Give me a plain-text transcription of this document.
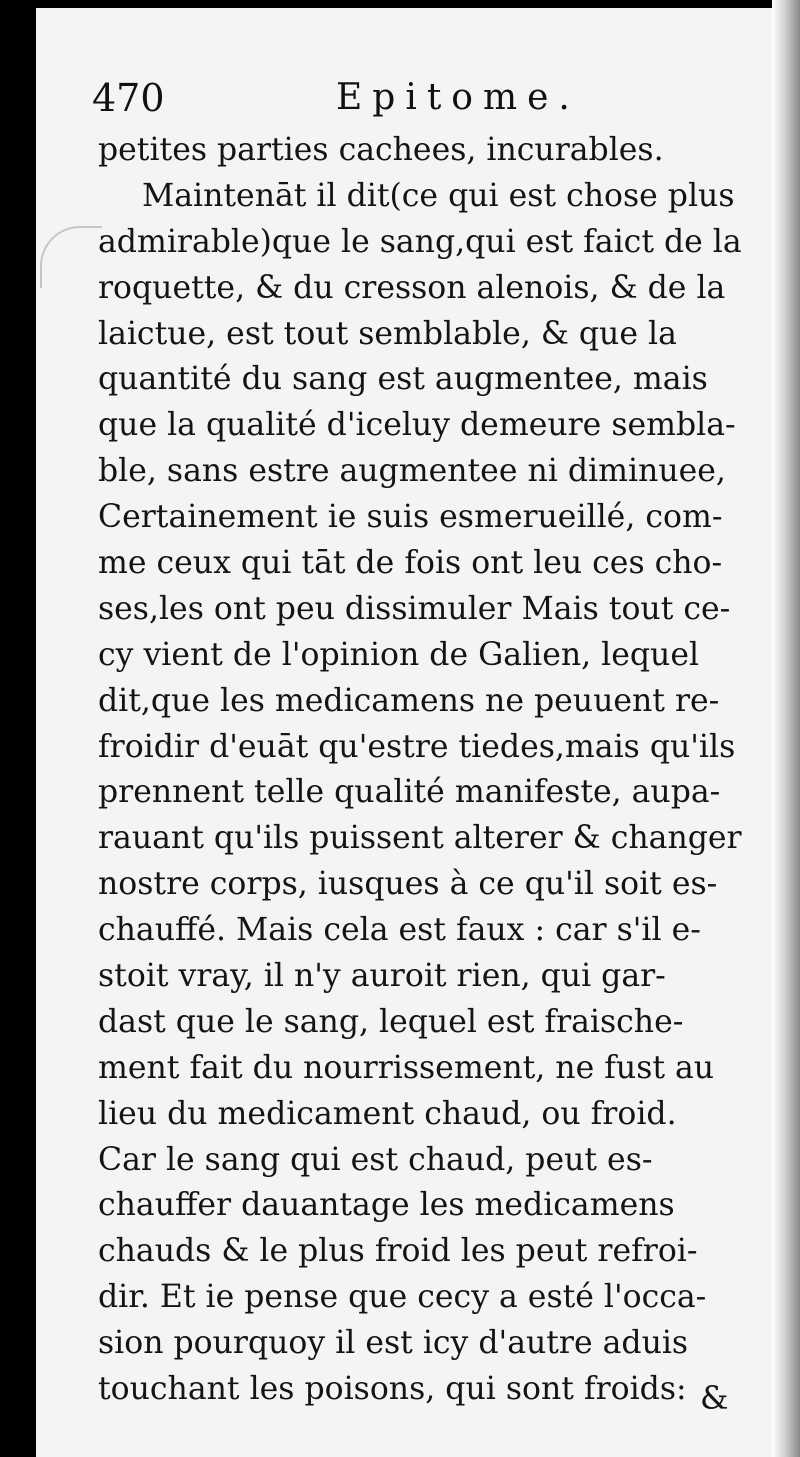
470	Epitome.
petites parties cachees, incurables.
Maintenāt il dit(ce qui est chose plus
admirable)que le sang,qui est faict de la
roquette, & du cresson alenois, & de la
laictue, est tout semblable, & que la
quantité du sang est augmentee, mais
que la qualité d'iceluy demeure sembla-
ble, sans estre augmentee ni diminuee,
Certainement ie suis esmerueillé, com-
me ceux qui tāt de fois ont leu ces cho-
ses,les ont peu dissimuler Mais tout ce-
cy vient de l'opinion de Galien, lequel
dit,que les medicamens ne peuuent re-
froidir d'euāt qu'estre tiedes,mais qu'ils
prennent telle qualité manifeste, aupa-
rauant qu'ils puissent alterer & changer
nostre corps, iusques à ce qu'il soit es-
chauffé. Mais cela est faux : car s'il e-
stoit vray, il n'y auroit rien, qui gar-
dast que le sang, lequel est fraische-
ment fait du nourrissement, ne fust au
lieu du medicament chaud, ou froid.
Car le sang qui est chaud, peut es-
chauffer dauantage les medicamens
chauds & le plus froid les peut refroi-
dir. Et ie pense que cecy a esté l'occa-
sion pourquoy il est icy d'autre aduis
touchant les poisons, qui sont froids: &
